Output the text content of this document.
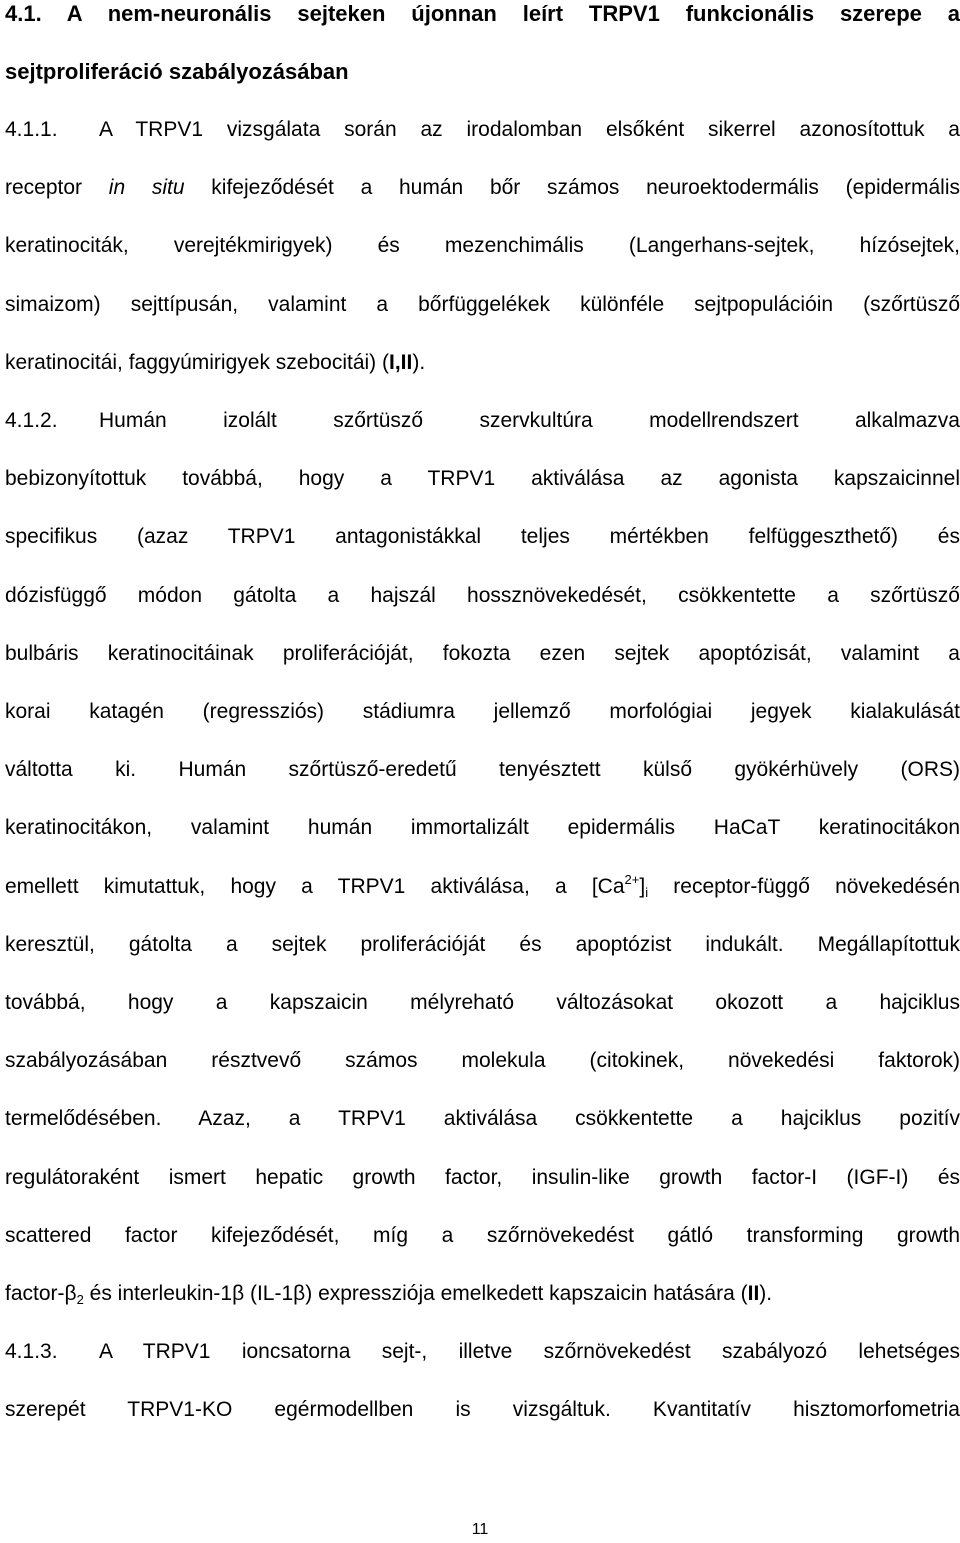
4.1. A nem-neuronális sejteken újonnan leírt TRPV1 funkcionális szerepe a
sejtproliferáció szabályozásában
4.1.1. A TRPV1 vizsgálata során az irodalomban elsőként sikerrel azonosítottuk a
receptor in situ kifejeződését a humán bőr számos neuroektodermális (epidermális
keratinociták, verejtékmirigyek) és mezenchimális (Langerhans-sejtek, hízósejtek,
simaizom) sejttípusán, valamint a bőrfüggelékek különféle sejtpopulációin (szőrtüsző
keratinocitái, faggyúmirigyek szebocitái) (I,II).
4.1.2. Humán izolált szőrtüsző szervkultúra modellrendszert alkalmazva
bebizonyítottuk továbbá, hogy a TRPV1 aktiválása az agonista kapszaicinnel
specifikus (azaz TRPV1 antagonistákkal teljes mértékben felfüggeszthető) és
dózisfüggő módon gátolta a hajszál hossznövekedését, csökkentette a szőrtüsző
bulbáris keratinocitáinak proliferációját, fokozta ezen sejtek apoptózisát, valamint a
korai katagén (regressziós) stádiumra jellemző morfológiai jegyek kialakulását
váltotta ki. Humán szőrtüsző-eredetű tenyésztett külső gyökérhüvely (ORS)
keratinocitákon, valamint humán immortalizált epidermális HaCaT keratinocitákon
emellett kimutattuk, hogy a TRPV1 aktiválása, a $[Ca^{2+}]_i$ receptor-függő növekedésén
keresztül, gátolta a sejtek proliferációját és apoptózist indukált. Megállapítottuk
továbbá, hogy a kapszaicin mélyreható változásokat okozott a hajciklus
szabályozásában résztvevő számos molekula (citokinek, növekedési faktorok)
termelődésében. Azaz, a TRPV1 aktiválása csökkentette a hajciklus pozitív
regulátoraként ismert hepatic growth factor, insulin-like growth factor-I (IGF-I) és
scattered factor kifejeződését, míg a szőrnövekedést gátló transforming growth
factor-$\beta_2$ és interleukin-1β (IL-1β) expressziója emelkedett kapszaicin hatására (II).
4.1.3. A TRPV1 ioncsatorna sejt-, illetve szőrnövekedést szabályozó lehetséges
szerepét TRPV1-KO egérmodellben is vizsgáltuk. Kvantitatív hisztomorfometria
11
